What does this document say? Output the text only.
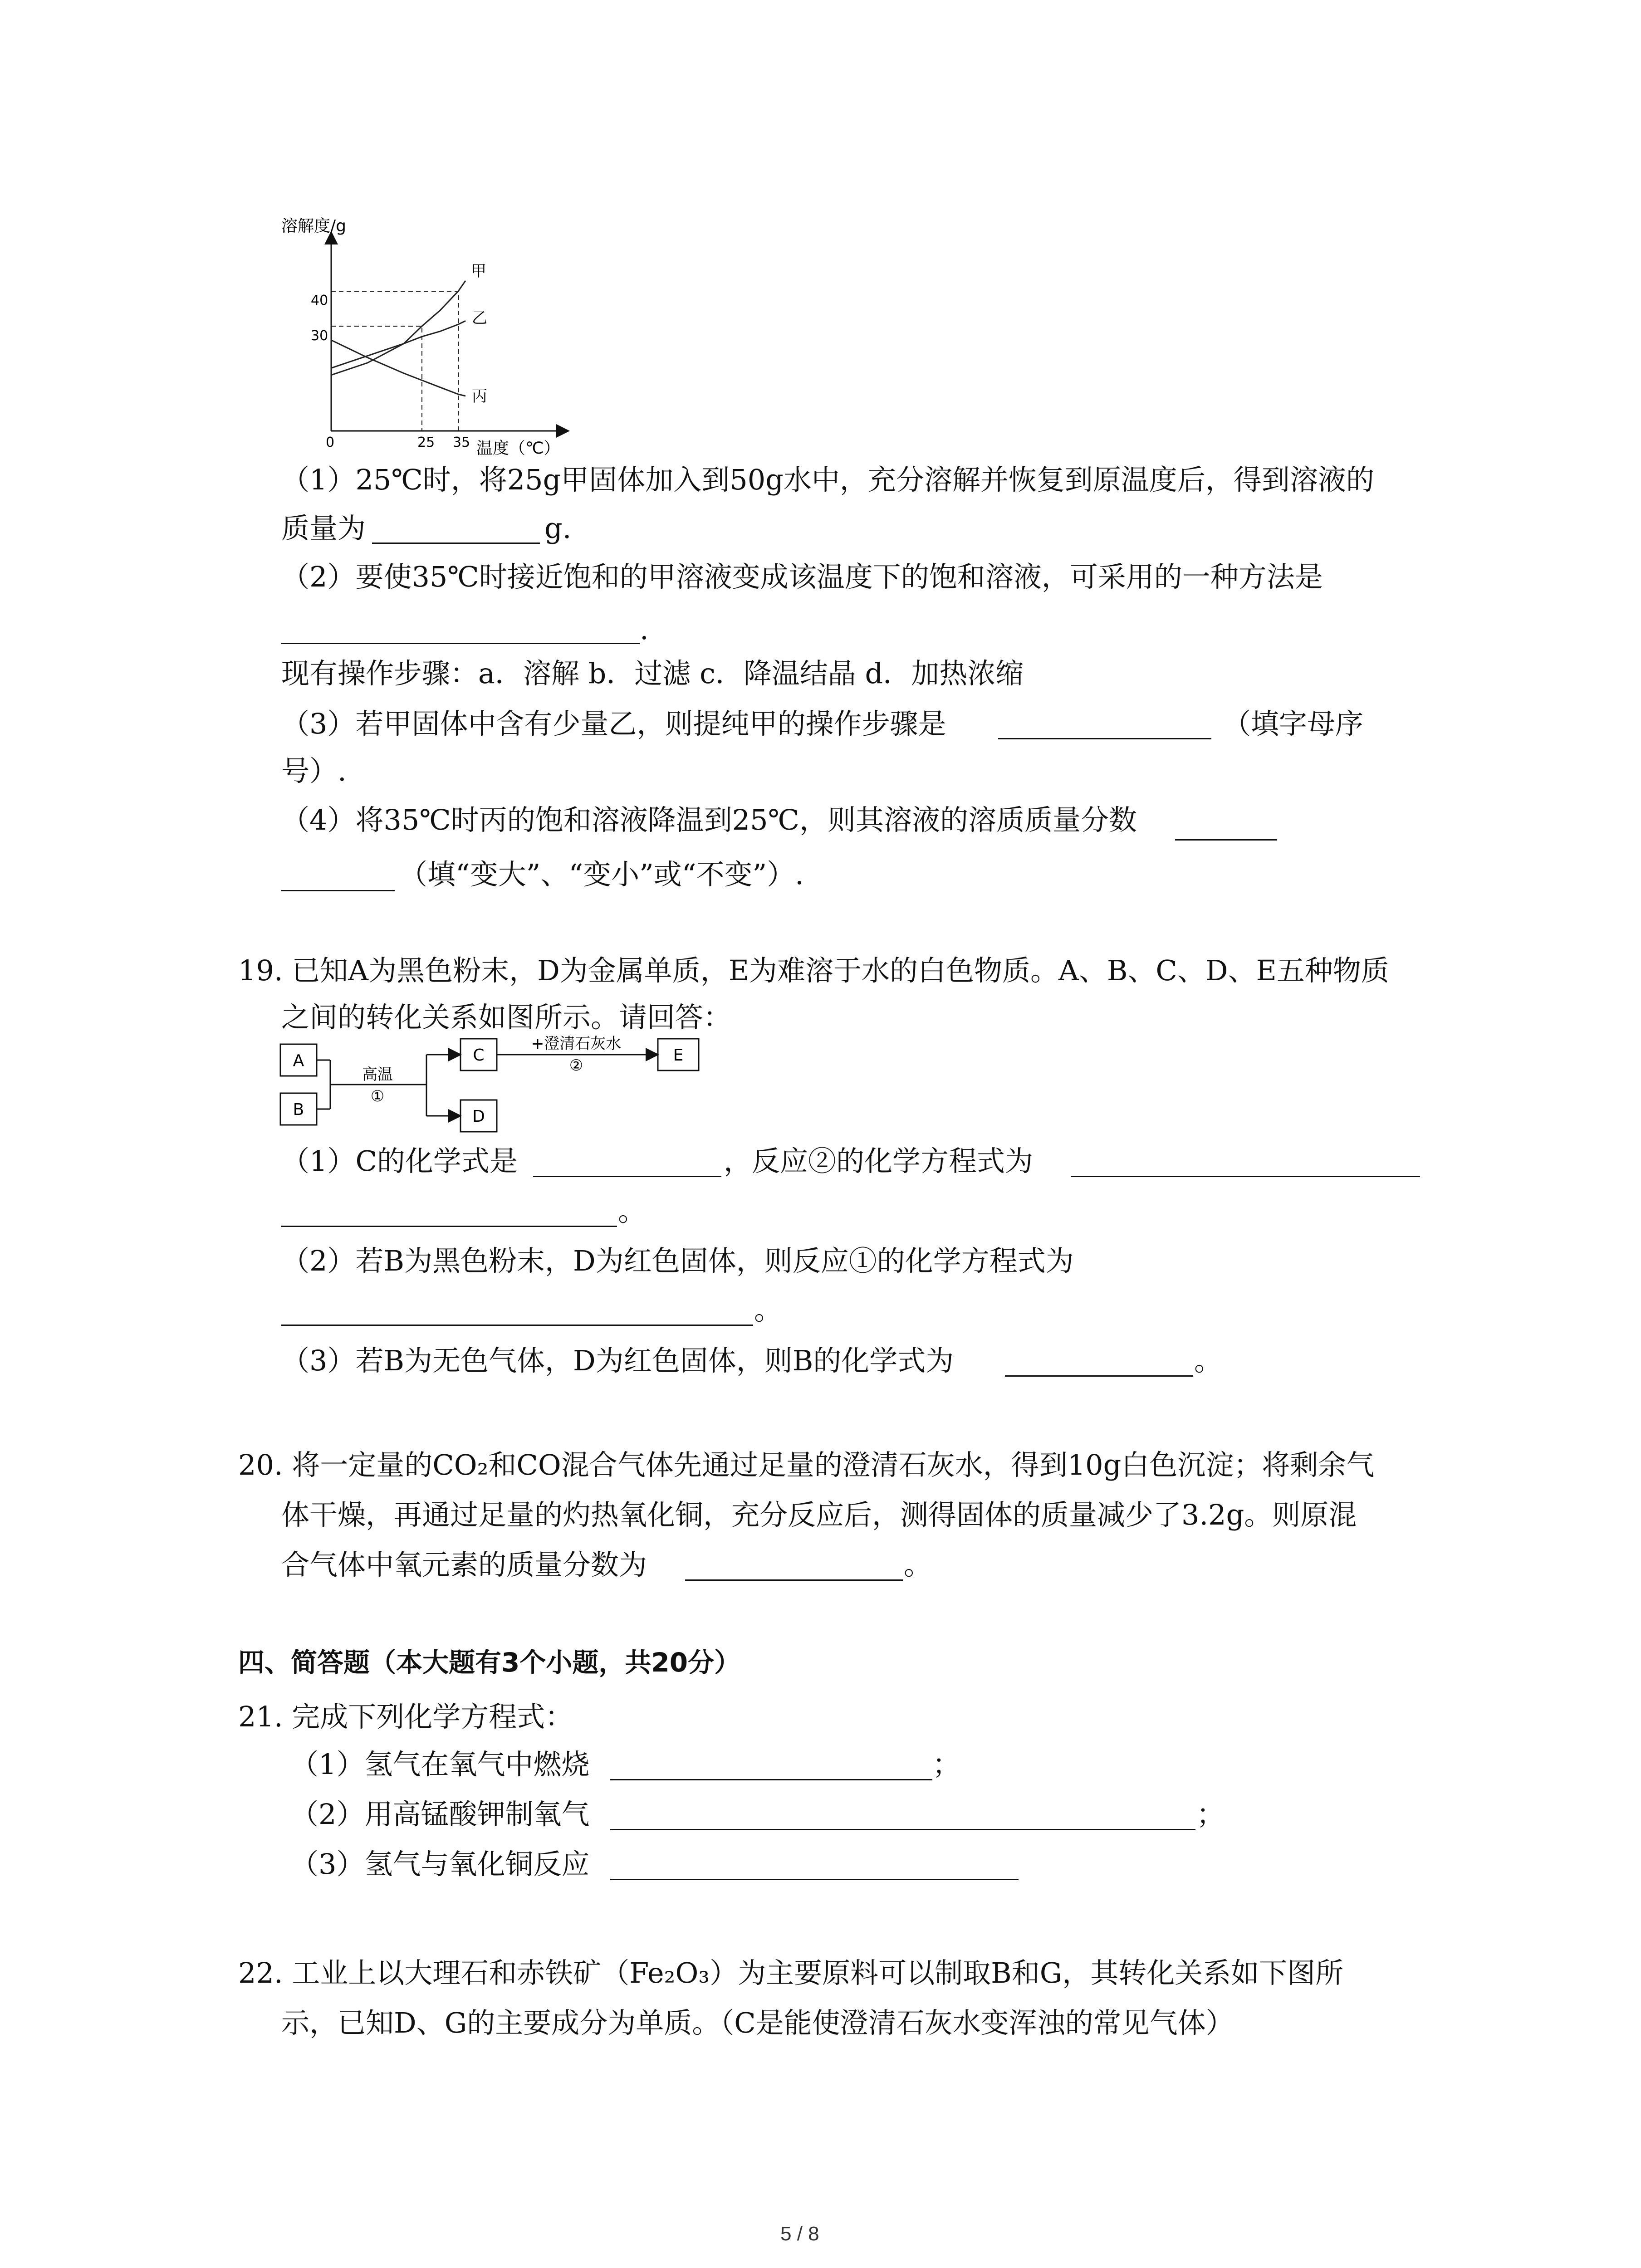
溶解度/g
温度（℃）
0	25 35
30
40
甲
乙
丙
（1）25℃时，将25g甲固体加入到50g水中，充分溶解并恢复到原温度后，得到溶液的
质量为	g.
（2）要使35℃时接近饱和的甲溶液变成该温度下的饱和溶液，可采用的一种方法是
.
现有操作步骤：a．溶解 b．过滤 c．降温结晶 d．加热浓缩
（3）若甲固体中含有少量乙，则提纯甲的操作步骤是	（填字母序
号）.
（4）将35℃时丙的饱和溶液降温到25℃，则其溶液的溶质质量分数
（填“变大”、“变小”或“不变”）.
19. 已知A为黑色粉末，D为金属单质，E为难溶于水的白色物质。A、B、C、D、E五种物质
之间的转化关系如图所示。请回答：
A
B
高温
①
C
D
+澄清石灰水
②
E
（1）C的化学式是	，反应②的化学方程式为
。
（2）若B为黑色粉末，D为红色固体，则反应①的化学方程式为
。
（3）若B为无色气体，D为红色固体，则B的化学式为	。
20. 将一定量的CO₂和CO混合气体先通过足量的澄清石灰水，得到10g白色沉淀；将剩余气
体干燥，再通过足量的灼热氧化铜，充分反应后，测得固体的质量减少了3.2g。则原混
合气体中氧元素的质量分数为	。
四、简答题（本大题有3个小题，共20分）
21. 完成下列化学方程式：
（1）氢气在氧气中燃烧	；
（2）用高锰酸钾制氧气	；
（3）氢气与氧化铜反应
22. 工业上以大理石和赤铁矿（Fe₂O₃）为主要原料可以制取B和G，其转化关系如下图所
示，已知D、G的主要成分为单质。（C是能使澄清石灰水变浑浊的常见气体）
5 / 8
